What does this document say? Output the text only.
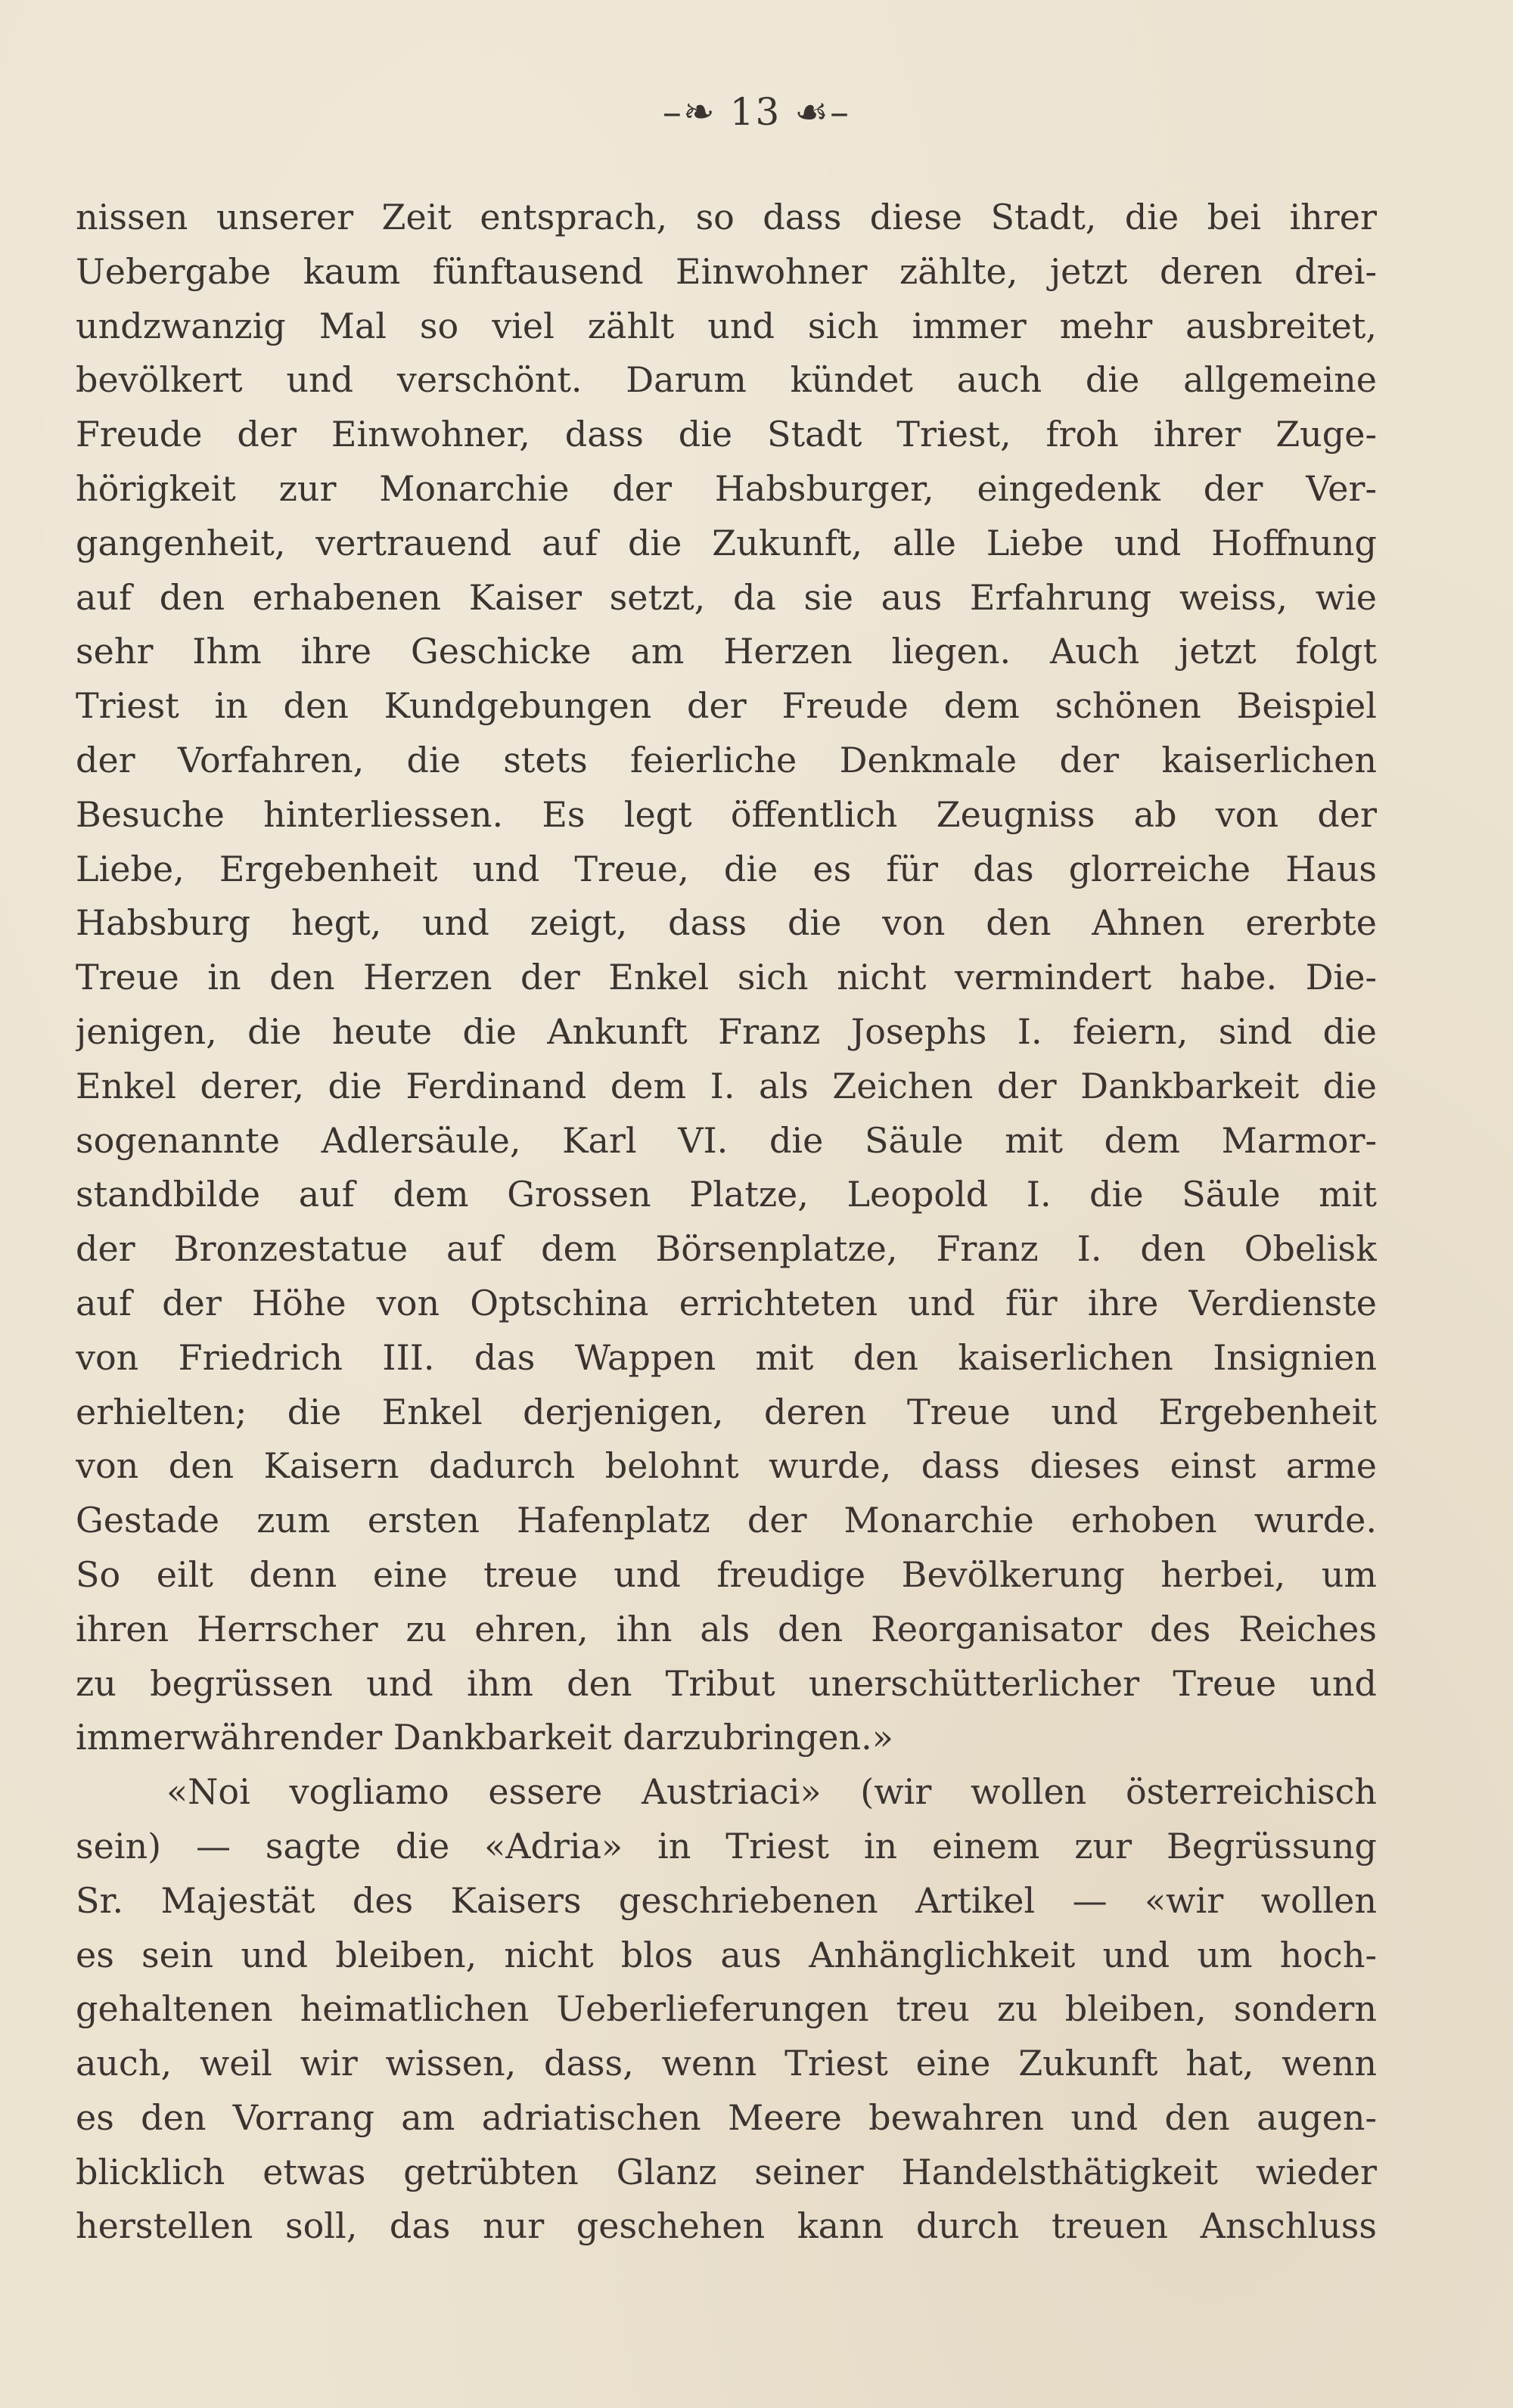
–❧ 13 ☙–
nissen unserer Zeit entsprach, so dass diese Stadt, die bei ihrer
Uebergabe kaum fünftausend Einwohner zählte, jetzt deren drei-
undzwanzig Mal so viel zählt und sich immer mehr ausbreitet,
bevölkert und verschönt. Darum kündet auch die allgemeine
Freude der Einwohner, dass die Stadt Triest, froh ihrer Zuge-
hörigkeit zur Monarchie der Habsburger, eingedenk der Ver-
gangenheit, vertrauend auf die Zukunft, alle Liebe und Hoffnung
auf den erhabenen Kaiser setzt, da sie aus Erfahrung weiss, wie
sehr Ihm ihre Geschicke am Herzen liegen. Auch jetzt folgt
Triest in den Kundgebungen der Freude dem schönen Beispiel
der Vorfahren, die stets feierliche Denkmale der kaiserlichen
Besuche hinterliessen. Es legt öffentlich Zeugniss ab von der
Liebe, Ergebenheit und Treue, die es für das glorreiche Haus
Habsburg hegt, und zeigt, dass die von den Ahnen ererbte
Treue in den Herzen der Enkel sich nicht vermindert habe. Die-
jenigen, die heute die Ankunft Franz Josephs I. feiern, sind die
Enkel derer, die Ferdinand dem I. als Zeichen der Dankbarkeit die
sogenannte Adlersäule, Karl VI. die Säule mit dem Marmor-
standbilde auf dem Grossen Platze, Leopold I. die Säule mit
der Bronzestatue auf dem Börsenplatze, Franz I. den Obelisk
auf der Höhe von Optschina errichteten und für ihre Verdienste
von Friedrich III. das Wappen mit den kaiserlichen Insignien
erhielten; die Enkel derjenigen, deren Treue und Ergebenheit
von den Kaisern dadurch belohnt wurde, dass dieses einst arme
Gestade zum ersten Hafenplatz der Monarchie erhoben wurde.
So eilt denn eine treue und freudige Bevölkerung herbei, um
ihren Herrscher zu ehren, ihn als den Reorganisator des Reiches
zu begrüssen und ihm den Tribut unerschütterlicher Treue und
immerwährender Dankbarkeit darzubringen.»
«Noi vogliamo essere Austriaci» (wir wollen österreichisch
sein) — sagte die «Adria» in Triest in einem zur Begrüssung
Sr. Majestät des Kaisers geschriebenen Artikel — «wir wollen
es sein und bleiben, nicht blos aus Anhänglichkeit und um hoch-
gehaltenen heimatlichen Ueberlieferungen treu zu bleiben, sondern
auch, weil wir wissen, dass, wenn Triest eine Zukunft hat, wenn
es den Vorrang am adriatischen Meere bewahren und den augen-
blicklich etwas getrübten Glanz seiner Handelsthätigkeit wieder
herstellen soll, das nur geschehen kann durch treuen Anschluss
